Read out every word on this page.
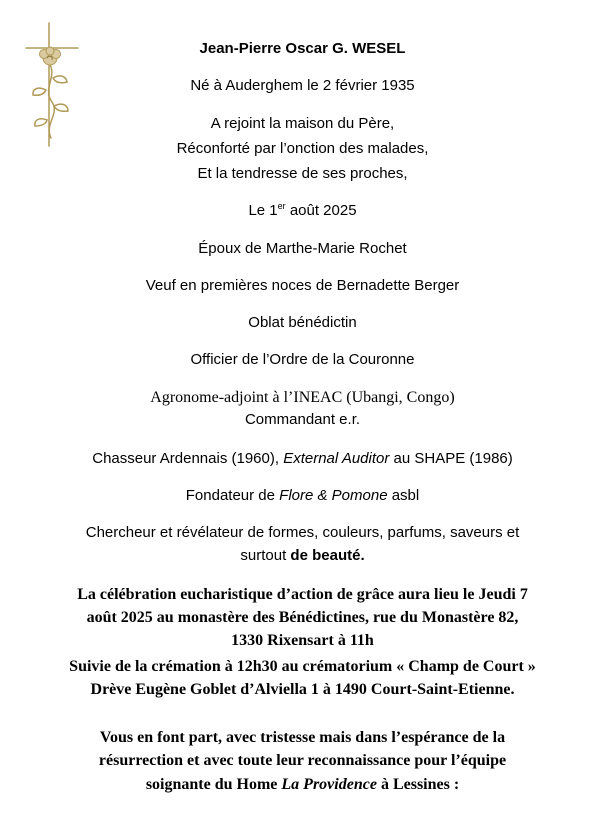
Jean-Pierre Oscar G. WESEL
Né à Auderghem le 2 février 1935
A rejoint la maison du Père,
Réconforté par l’onction des malades,
Et la tendresse de ses proches,
Le 1er août 2025
Époux de Marthe-Marie Rochet
Veuf en premières noces de Bernadette Berger
Oblat bénédictin
Officier de l’Ordre de la Couronne
Agronome-adjoint à l’INEAC (Ubangi, Congo)
Commandant e.r.
Chasseur Ardennais (1960), External Auditor au SHAPE (1986)
Fondateur de Flore & Pomone asbl
Chercheur et révélateur de formes, couleurs, parfums, saveurs et
surtout de beauté.
La célébration eucharistique d’action de grâce aura lieu le Jeudi 7
août 2025 au monastère des Bénédictines, rue du Monastère 82,
1330 Rixensart à 11h
Suivie de la crémation à 12h30 au crématorium « Champ de Court »
Drève Eugène Goblet d’Alviella 1 à 1490 Court-Saint-Etienne.
Vous en font part, avec tristesse mais dans l’espérance de la
résurrection et avec toute leur reconnaissance pour l’équipe
soignante du Home La Providence à Lessines :
